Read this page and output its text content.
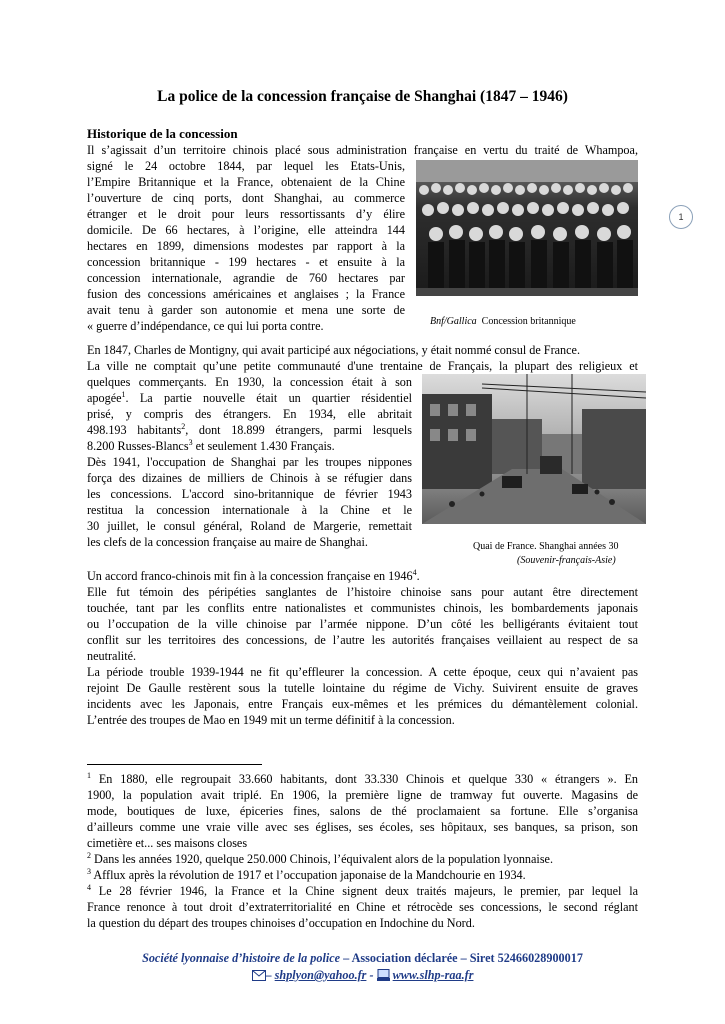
La police de la concession française de Shanghai (1847 – 1946)
1
Historique de la concession
Il s’agissait d’un territoire chinois placé sous administration française en vertu du traité de Whampoa,
signé le 24 octobre 1844, par lequel les Etats-Unis,
l’Empire Britannique et la France, obtenaient de la Chine
l’ouverture de cinq ports, dont Shanghai, au commerce
étranger et le droit pour leurs ressortissants d’y élire
domicile. De 66 hectares, à l’origine, elle atteindra 144
hectares en 1899, dimensions modestes par rapport à la
concession britannique - 199 hectares - et ensuite à la
concession internationale, agrandie de 760 hectares par
fusion des concessions américaines et anglaises ; la France
avait tenu à garder son autonomie et mena une sorte de
« guerre d’indépendance, ce qui lui porta contre.	Bnf/Gallica Concession britannique
En 1847, Charles de Montigny, qui avait participé aux négociations, y était nommé consul de France.
La ville ne comptait qu’une petite communauté d'une trentaine de Français, la plupart des religieux et
quelques commerçants. En 1930, la concession était à son
apogée$^1$. La partie nouvelle était un quartier résidentiel
prisé, y compris des étrangers. En 1934, elle abritait
498.193 habitants$^2$, dont 18.899 étrangers, parmi lesquels
8.200 Russes-Blancs$^3$ et seulement 1.430 Français.
Dès 1941, l'occupation de Shanghai par les troupes nippones
força des dizaines de milliers de Chinois à se réfugier dans
les concessions. L'accord sino-britannique de février 1943
restitua la concession internationale à la Chine et le
30 juillet, le consul général, Roland de Margerie, remettait
les clefs de la concession française au maire de Shanghai.	Quai de France. Shanghai années 30
(Souvenir-français-Asie)
Un accord franco-chinois mit fin à la concession française en 1946$^4$.
Elle fut témoin des péripéties sanglantes de l’histoire chinoise sans pour autant être directement
touchée, tant par les conflits entre nationalistes et communistes chinois, les bombardements japonais
ou l’occupation de la ville chinoise par l’armée nippone. D’un côté les belligérants évitaient tout
conflit sur les territoires des concessions, de l’autre les autorités françaises veillaient au respect de sa
neutralité.
La période trouble 1939-1944 ne fit qu’effleurer la concession. A cette époque, ceux qui n’avaient pas
rejoint De Gaulle restèrent sous la tutelle lointaine du régime de Vichy. Suivirent ensuite de graves
incidents avec les Japonais, entre Français eux-mêmes et les prémices du démantèlement colonial.
L’entrée des troupes de Mao en 1949 mit un terme définitif à la concession.
$^1$ En 1880, elle regroupait 33.660 habitants, dont 33.330 Chinois et quelque 330 « étrangers ». En
1900, la population avait triplé. En 1906, la première ligne de tramway fut ouverte. Magasins de
mode, boutiques de luxe, épiceries fines, salons de thé proclamaient sa fortune. Elle s’organisa
d’ailleurs comme une vraie ville avec ses églises, ses écoles, ses hôpitaux, ses banques, sa prison, son
cimetière et... ses maisons closes
$^2$ Dans les années 1920, quelque 250.000 Chinois, l’équivalent alors de la population lyonnaise.
$^3$ Afflux après la révolution de 1917 et l’occupation japonaise de la Mandchourie en 1934.
$^4$ Le 28 février 1946, la France et la Chine signent deux traités majeurs, le premier, par lequel la
France renonce à tout droit d’extraterritorialité en Chine et rétrocède ses concessions, le second réglant
la question du départ des troupes chinoises d’occupation en Indochine du Nord.
Société lyonnaise d’histoire de la police – Association déclarée – Siret 52466028900017
– shplyon@yahoo.fr -  www.slhp-raa.fr
